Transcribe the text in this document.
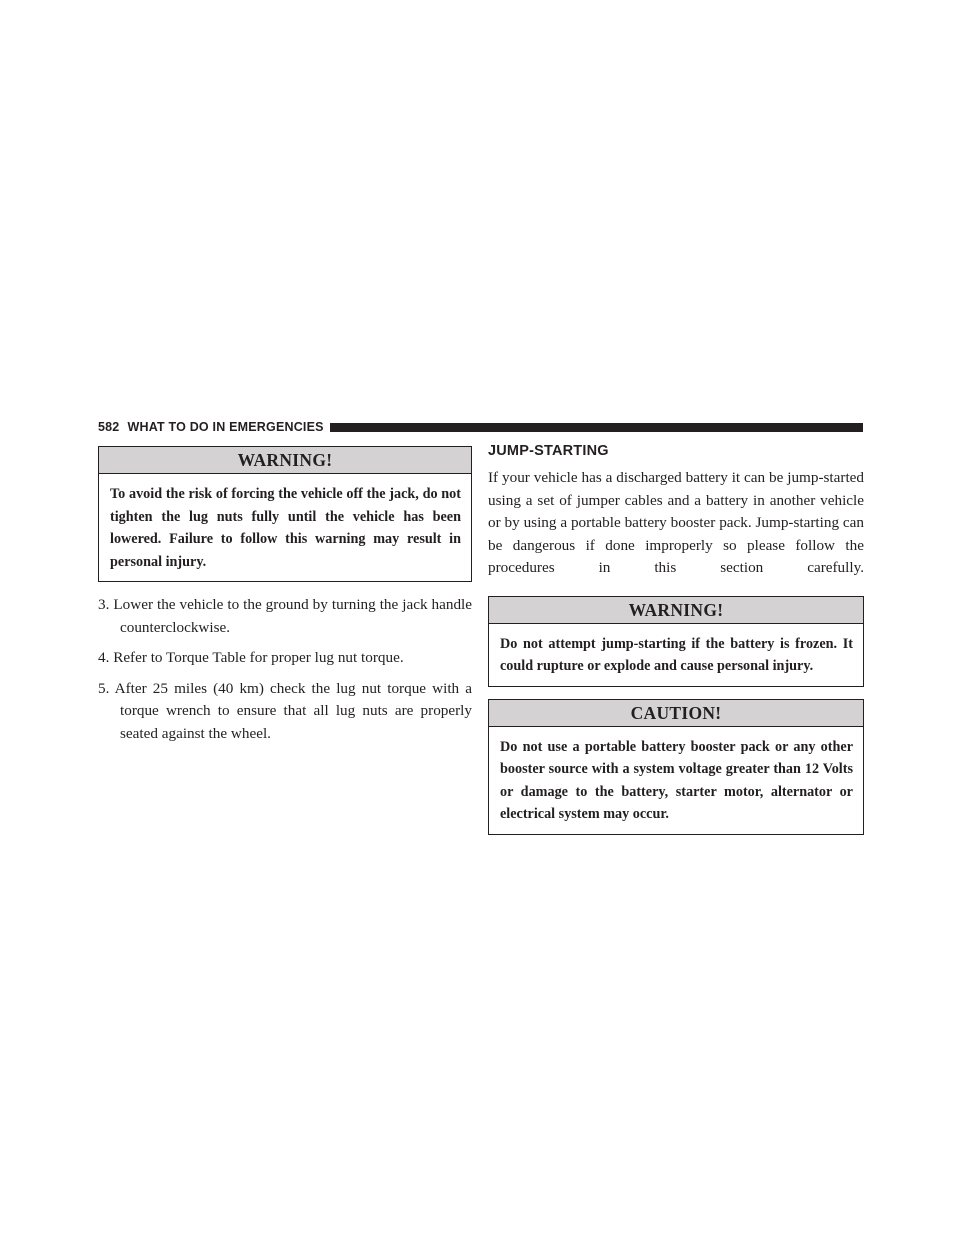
582 WHAT TO DO IN EMERGENCIES
WARNING!
To avoid the risk of forcing the vehicle off the jack, do not tighten the lug nuts fully until the vehicle has been lowered. Failure to follow this warning may result in personal injury.
3. Lower the vehicle to the ground by turning the jack handle counterclockwise.
4. Refer to Torque Table for proper lug nut torque.
5. After 25 miles (40 km) check the lug nut torque with a torque wrench to ensure that all lug nuts are properly seated against the wheel.
JUMP-STARTING
If your vehicle has a discharged battery it can be jump-started using a set of jumper cables and a battery in another vehicle or by using a portable battery booster pack. Jump-starting can be dangerous if done improperly so please follow the procedures in this section carefully.
WARNING!
Do not attempt jump-starting if the battery is frozen. It could rupture or explode and cause personal injury.
CAUTION!
Do not use a portable battery booster pack or any other booster source with a system voltage greater than 12 Volts or damage to the battery, starter motor, alternator or electrical system may occur.
